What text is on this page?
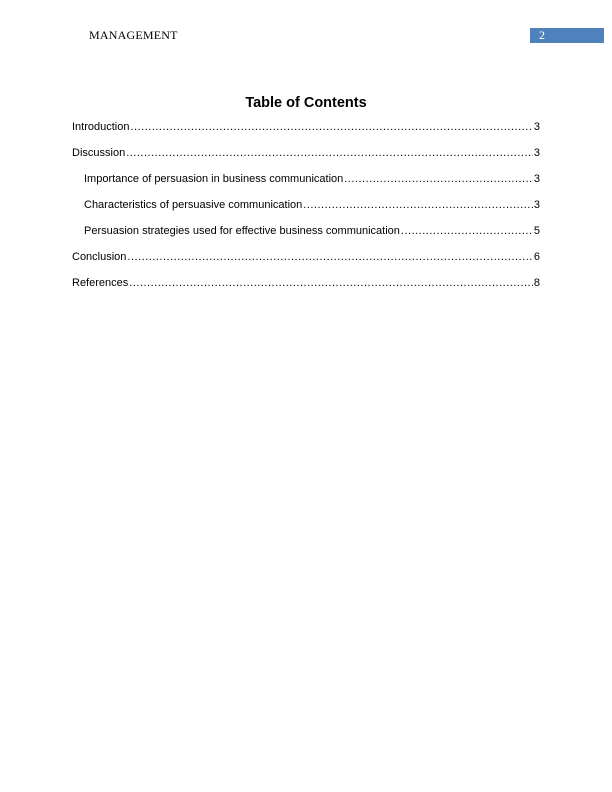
MANAGEMENT	2
Table of Contents
Introduction .....	3
Discussion .....	3
Importance of persuasion in business communication .....	3
Characteristics of persuasive communication .....	3
Persuasion strategies used for effective business communication .....	5
Conclusion .....	6
References .....	8
